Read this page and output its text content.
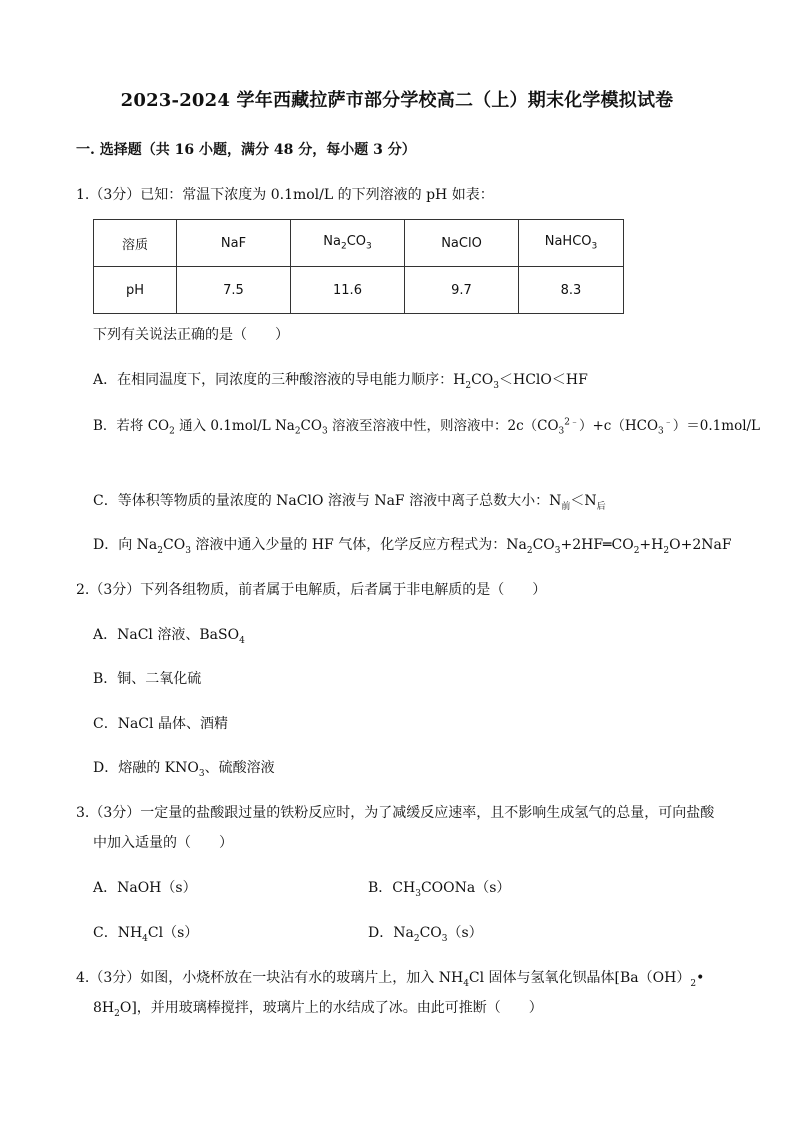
2023-2024 学年西藏拉萨市部分学校高二（上）期末化学模拟试卷
一. 选择题（共 16 小题，满分 48 分，每小题 3 分）
1.（3分）已知：常温下浓度为 0.1mol/L 的下列溶液的 pH 如表：
溶质	NaF	$Na_2CO_3$	NaClO	NaHCO$_3$
pH	7.5	11.6	9.7	8.3
下列有关说法正确的是（　　）
A．在相同温度下，同浓度的三种酸溶液的导电能力顺序：$H_2CO_3<HClO<HF$
B．若将 $CO_2$ 通入 0.1mol/L $Na_2CO_3$ 溶液至溶液中性，则溶液中：$2c(CO_3^{2﹣})+c(HCO_3^﹣)=0.1mol/L$
C．等体积等物质的量浓度的 NaClO 溶液与 NaF 溶液中离子总数大小：$N_前<N_后$
D．向 $Na_2CO_3$ 溶液中通入少量的 HF 气体，化学反应方程式为：$Na_2CO_3+2HF═CO_2+H_2O+2NaF$
2.（3分）下列各组物质，前者属于电解质，后者属于非电解质的是（　　）
A．NaCl 溶液、BaSO$_4$
B．铜、二氧化硫
C．NaCl 晶体、酒精
D．熔融的 $KNO_3$、硫酸溶液
3.（3分）一定量的盐酸跟过量的铁粉反应时，为了减缓反应速率，且不影响生成氢气的总量，可向盐酸
中加入适量的（　　）
A．NaOH（s）	B．$CH_3COONa(s)$
C．$NH_4Cl(s)$	D．$Na_2CO_3(s)$
4.（3分）如图，小烧杯放在一块沾有水的玻璃片上，加入 $NH_4Cl$ 固体与氢氧化钡晶体[$Ba(OH)_2•$
$8H_2O$]，并用玻璃棒搅拌，玻璃片上的水结成了冰。由此可推断（　　）
